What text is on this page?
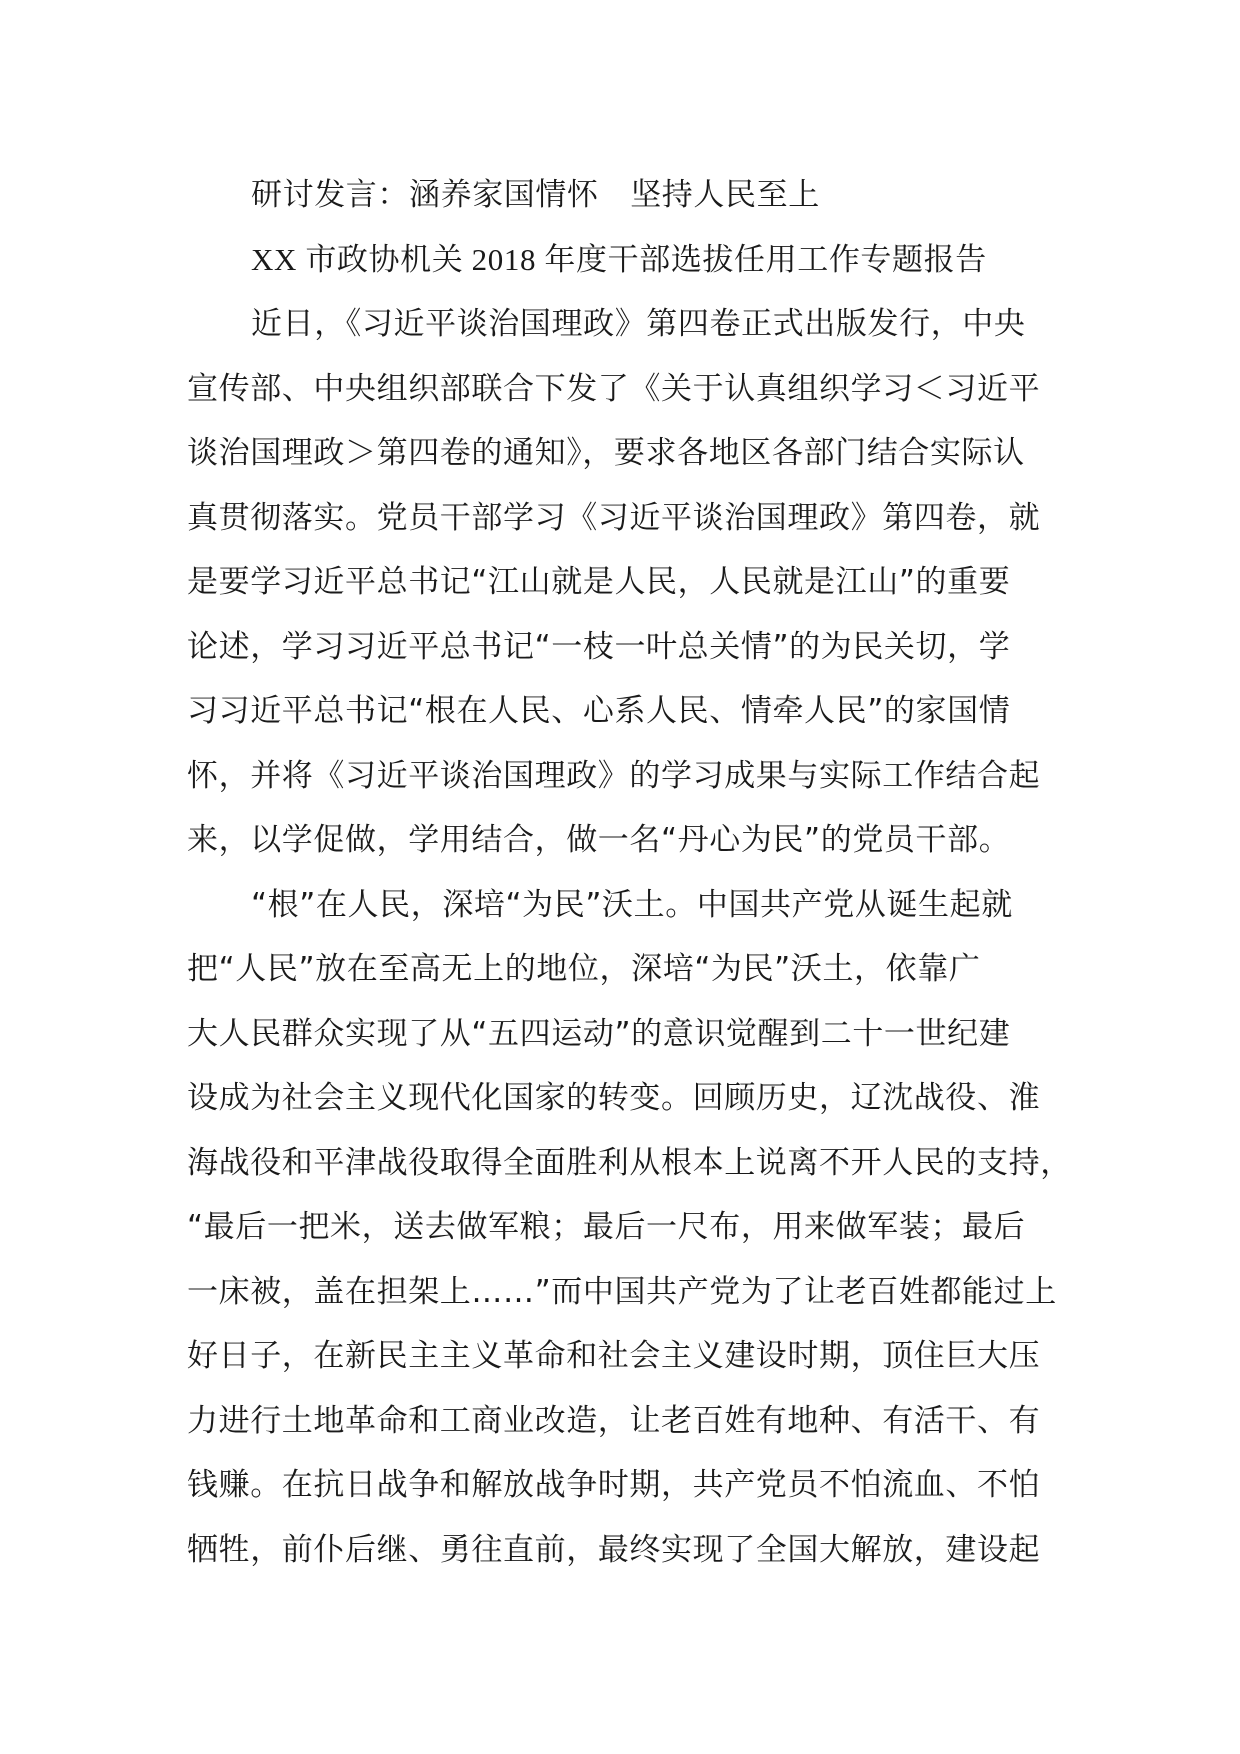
研讨发言：涵养家国情怀　坚持人民至上
XX 市政协机关 2018 年度干部选拔任用工作专题报告
近日，《习近平谈治国理政》第四卷正式出版发行，中央
宣传部、中央组织部联合下发了《关于认真组织学习＜习近平
谈治国理政＞第四卷的通知》，要求各地区各部门结合实际认
真贯彻落实。党员干部学习《习近平谈治国理政》第四卷，就
是要学习近平总书记“江山就是人民，人民就是江山”的重要
论述，学习习近平总书记“一枝一叶总关情”的为民关切，学
习习近平总书记“根在人民、心系人民、情牵人民”的家国情
怀，并将《习近平谈治国理政》的学习成果与实际工作结合起
来，以学促做，学用结合，做一名“丹心为民”的党员干部。
“根”在人民，深培“为民”沃土。中国共产党从诞生起就
把“人民”放在至高无上的地位，深培“为民”沃土，依靠广
大人民群众实现了从“五四运动”的意识觉醒到二十一世纪建
设成为社会主义现代化国家的转变。回顾历史，辽沈战役、淮
海战役和平津战役取得全面胜利从根本上说离不开人民的支持，
“最后一把米，送去做军粮；最后一尺布，用来做军装；最后
一床被，盖在担架上……”而中国共产党为了让老百姓都能过上
好日子，在新民主主义革命和社会主义建设时期，顶住巨大压
力进行土地革命和工商业改造，让老百姓有地种、有活干、有
钱赚。在抗日战争和解放战争时期，共产党员不怕流血、不怕
牺牲，前仆后继、勇往直前，最终实现了全国大解放，建设起
